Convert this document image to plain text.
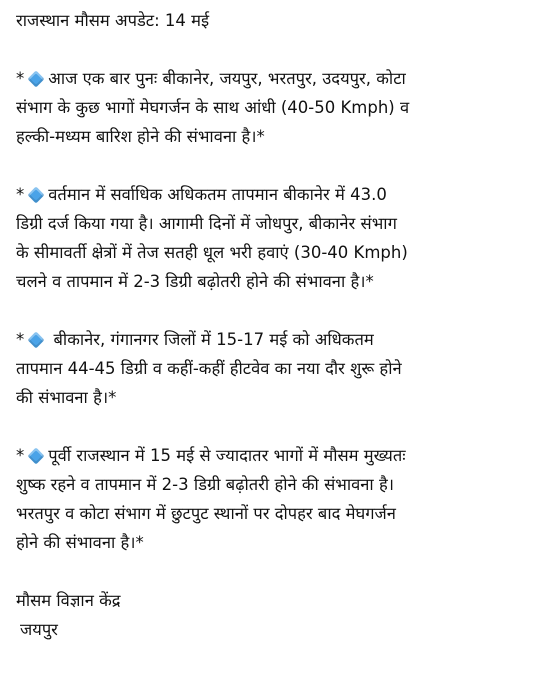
राजस्थान मौसम अपडेट: 14 मई
* आज एक बार पुनः बीकानेर, जयपुर, भरतपुर, उदयपुर, कोटा
संभाग के कुछ भागों मेघगर्जन के साथ आंधी (40-50 Kmph) व
हल्की-मध्यम बारिश होने की संभावना है।*
* वर्तमान में सर्वाधिक अधिकतम तापमान बीकानेर में 43.0
डिग्री दर्ज किया गया है। आगामी दिनों में जोधपुर, बीकानेर संभाग
के सीमावर्ती क्षेत्रों में तेज सतही धूल भरी हवाएं (30-40 Kmph)
चलने व तापमान में 2-3 डिग्री बढ़ोतरी होने की संभावना है।*
* बीकानेर, गंगानगर जिलों में 15-17 मई को अधिकतम
तापमान 44-45 डिग्री व कहीं-कहीं हीटवेव का नया दौर शुरू होने
की संभावना है।*
* पूर्वी राजस्थान में 15 मई से ज्यादातर भागों में मौसम मुख्यतः
शुष्क रहने व तापमान में 2-3 डिग्री बढ़ोतरी होने की संभावना है।
भरतपुर व कोटा संभाग में छुटपुट स्थानों पर दोपहर बाद मेघगर्जन
होने की संभावना है।*
मौसम विज्ञान केंद्र
जयपुर
